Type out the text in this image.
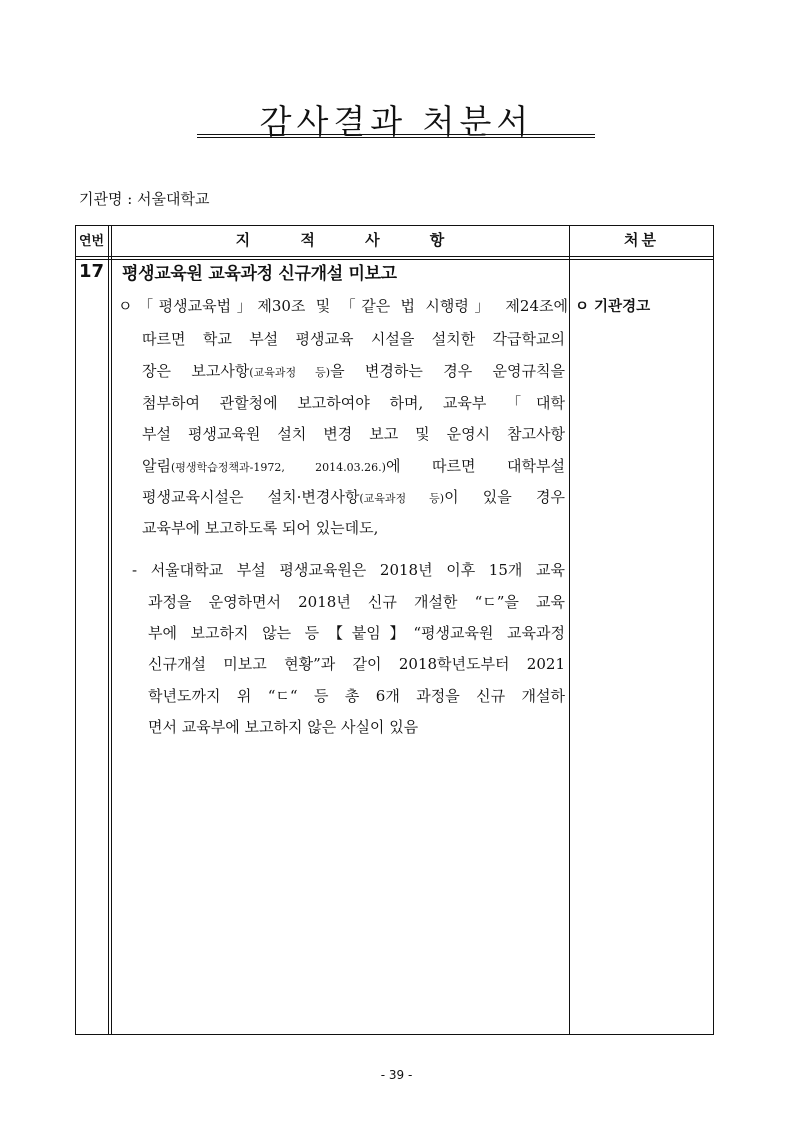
감사결과 처분서
기관명 : 서울대학교
연번	지 적 사 항	처분
17 평생교육원 교육과정 신규개설 미보고
ㅇ 기관경고
ㅇ「평생교육법」제30조 및 「같은 법 시행령」 제24조에
따르면 학교 부설 평생교육 시설을 설치한 각급학교의
장은 보고사항(교육과정 등)을 변경하는 경우 운영규칙을
첨부하여 관할청에 보고하여야 하며, 교육부 「대학
부설 평생교육원 설치 변경 보고 및 운영시 참고사항
알림(평생학습정책과-1972, 2014.03.26.)에 따르면 대학부설
평생교육시설은 설치·변경사항(교육과정 등)이 있을 경우
교육부에 보고하도록 되어 있는데도,
- 서울대학교 부설 평생교육원은 2018년 이후 15개 교육
과정을 운영하면서 2018년 신규 개설한 “ㄷ”을 교육
부에 보고하지 않는 등【붙임】“평생교육원 교육과정
신규개설 미보고 현황”과 같이 2018학년도부터 2021
학년도까지 위 “ㄷ“ 등 총 6개 과정을 신규 개설하
면서 교육부에 보고하지 않은 사실이 있음
- 39 -
